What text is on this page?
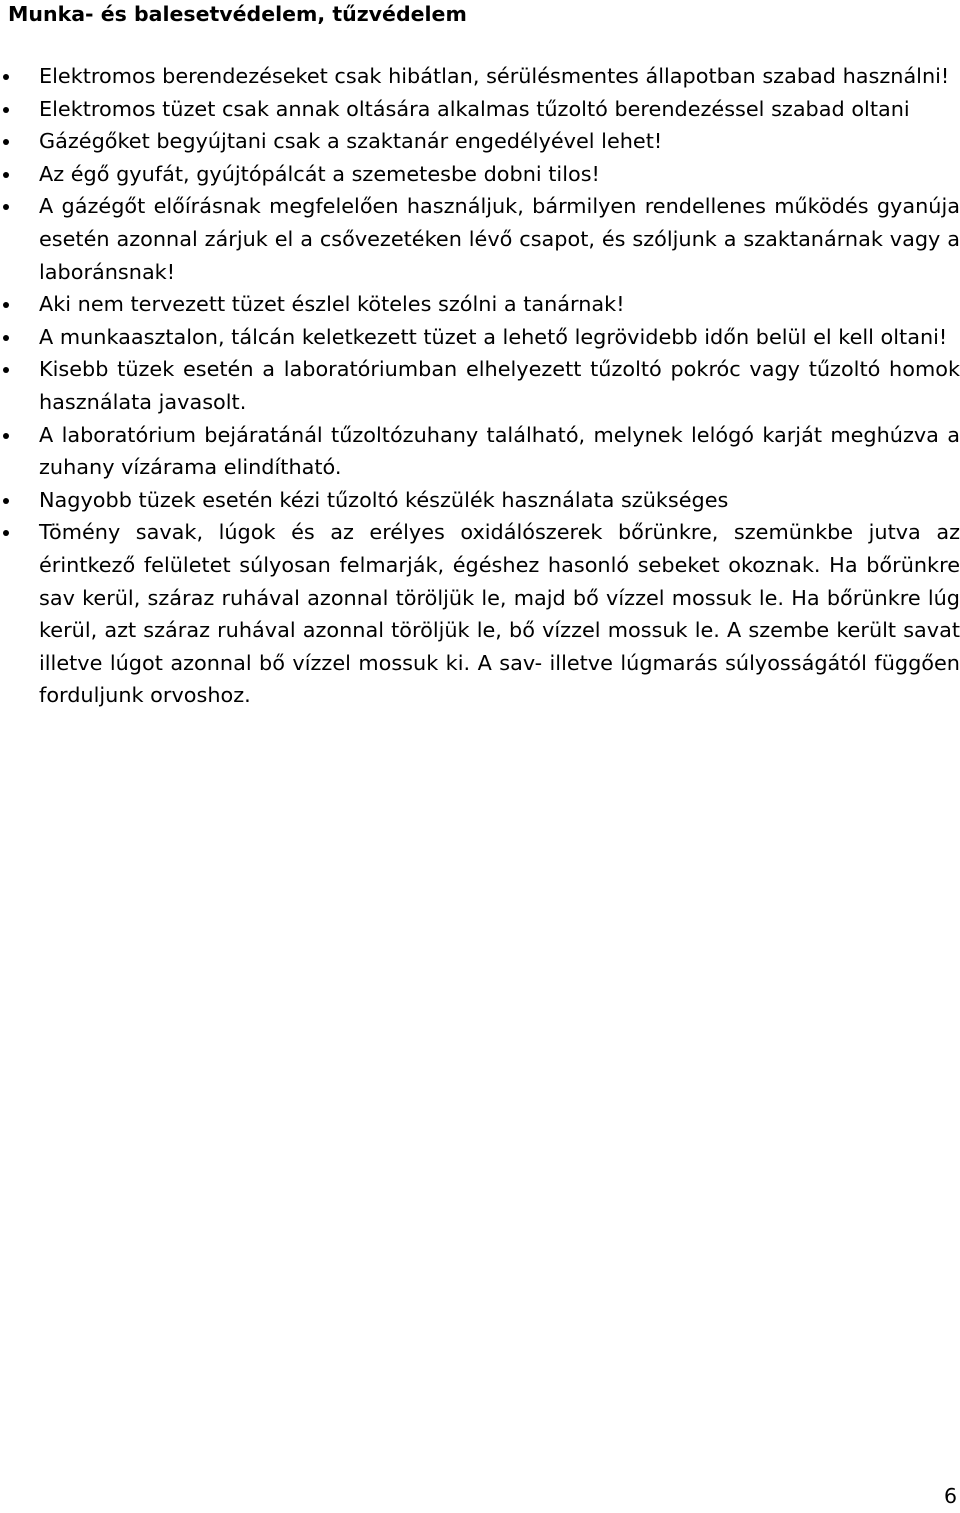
Munka- és balesetvédelem, tűzvédelem
Elektromos berendezéseket csak hibátlan, sérülésmentes állapotban szabad használni!
Elektromos tüzet csak annak oltására alkalmas tűzoltó berendezéssel szabad oltani
Gázégőket begyújtani csak a szaktanár engedélyével lehet!
Az égő gyufát, gyújtópálcát a szemetesbe dobni tilos!
A gázégőt előírásnak megfelelően használjuk, bármilyen rendellenes működés gyanúja esetén azonnal zárjuk el a csővezetéken lévő csapot, és szóljunk a szaktanárnak vagy a laboránsnak!
Aki nem tervezett tüzet észlel köteles szólni a tanárnak!
A munkaasztalon, tálcán keletkezett tüzet a lehető legrövidebb időn belül el kell oltani!
Kisebb tüzek esetén a laboratóriumban elhelyezett tűzoltó pokróc vagy tűzoltó homok használata javasolt.
A laboratórium bejáratánál tűzoltózuhany található, melynek lelógó karját meghúzva a zuhany vízárama elindítható.
Nagyobb tüzek esetén kézi tűzoltó készülék használata szükséges
Tömény savak, lúgok és az erélyes oxidálószerek bőrünkre, szemünkbe jutva az érintkező felületet súlyosan felmarják, égéshez hasonló sebeket okoznak. Ha bőrünkre sav kerül, száraz ruhával azonnal töröljük le, majd bő vízzel mossuk le. Ha bőrünkre lúg kerül, azt száraz ruhával azonnal töröljük le, bő vízzel mossuk le. A szembe került savat illetve lúgot azonnal bő vízzel mossuk ki. A sav- illetve lúgmarás súlyosságától függően forduljunk orvoshoz.
6
